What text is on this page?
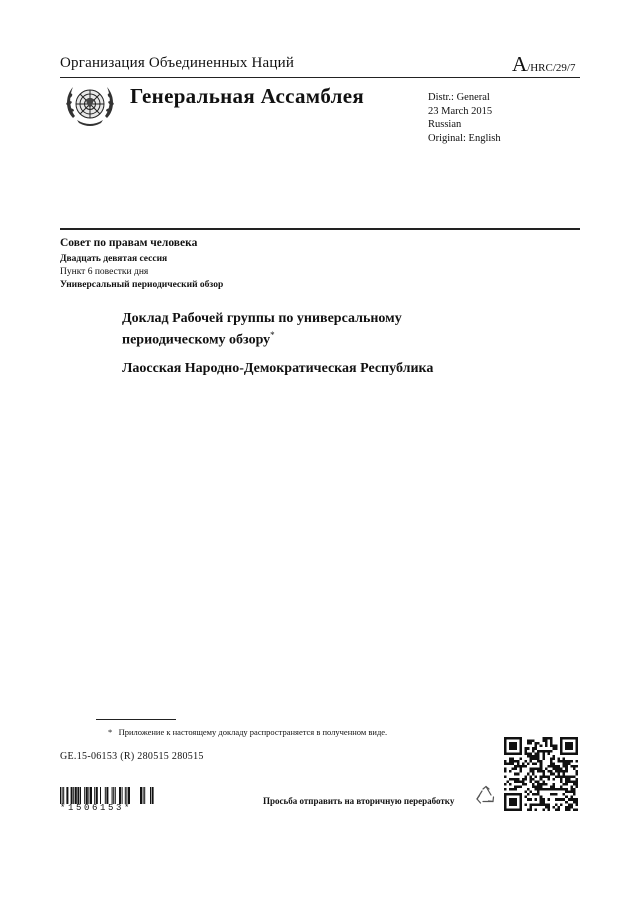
Организация Объединенных Наций	A/HRC/29/7
Генеральная Ассамблея	Distr.: General
23 March 2015
Russian
Original: English
Совет по правам человека
Двадцать девятая сессия
Пункт 6 повестки дня
Универсальный периодический обзор
Доклад Рабочей группы по универсальному
периодическому обзору*
Лаосская Народно-Демократическая Республика
* Приложение к настоящему докладу распространяется в полученном виде.
GE.15-06153 (R) 280515 280515
*1506153*
Просьба отправить на вторичную переработку
